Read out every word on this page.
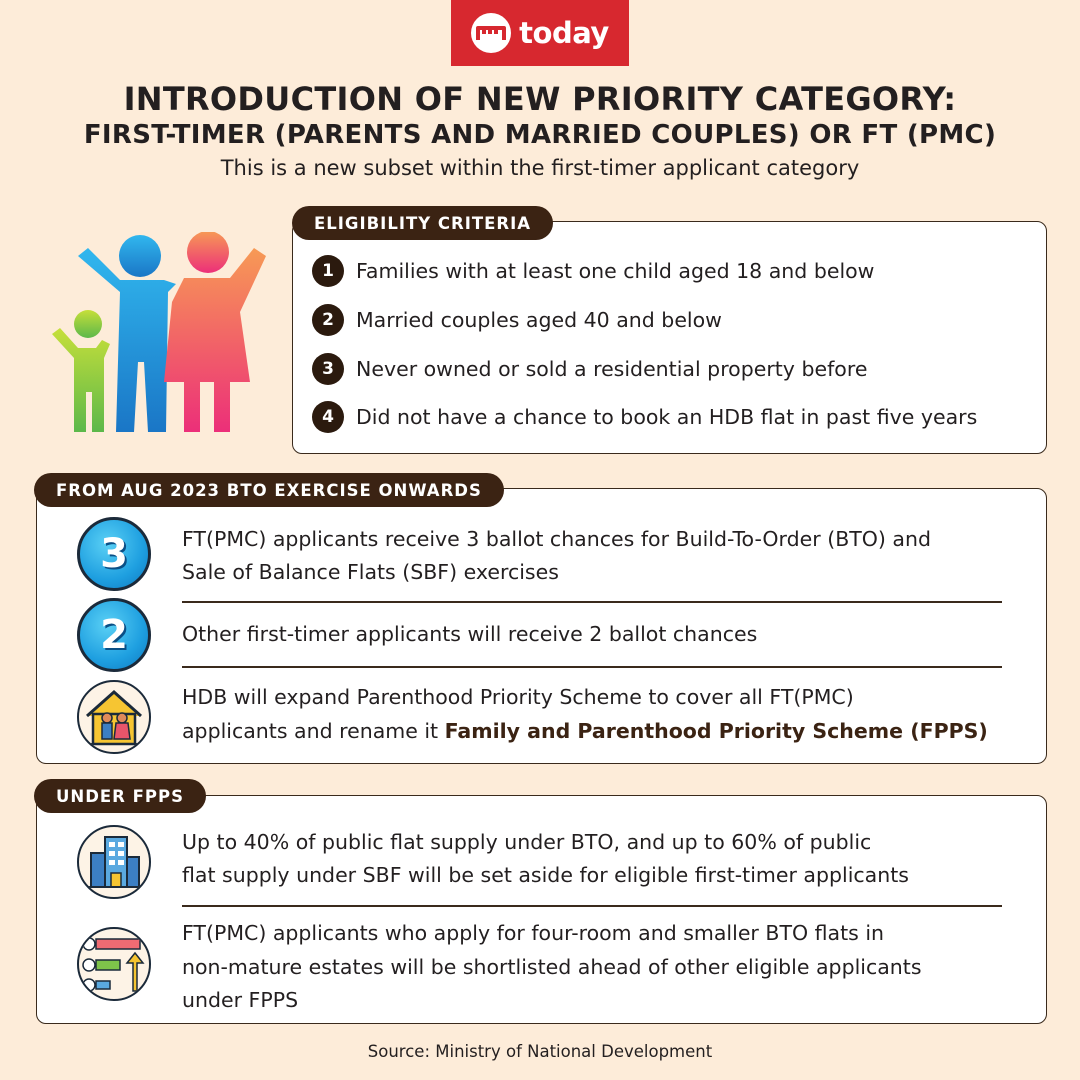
today
INTRODUCTION OF NEW PRIORITY CATEGORY:
FIRST-TIMER (PARENTS AND MARRIED COUPLES) OR FT (PMC)
This is a new subset within the first-timer applicant category
ELIGIBILITY CRITERIA
1	Families with at least one child aged 18 and below
2	Married couples aged 40 and below
3	Never owned or sold a residential property before
4	Did not have a chance to book an HDB flat in past five years
FROM AUG 2023 BTO EXERCISE ONWARDS
3	FT(PMC) applicants receive 3 ballot chances for Build-To-Order (BTO) and
Sale of Balance Flats (SBF) exercises
2	Other first-timer applicants will receive 2 ballot chances
HDB will expand Parenthood Priority Scheme to cover all FT(PMC)
applicants and rename it Family and Parenthood Priority Scheme (FPPS)
UNDER FPPS
Up to 40% of public flat supply under BTO, and up to 60% of public
flat supply under SBF will be set aside for eligible first-timer applicants
FT(PMC) applicants who apply for four-room and smaller BTO flats in
non-mature estates will be shortlisted ahead of other eligible applicants
under FPPS
Source: Ministry of National Development
